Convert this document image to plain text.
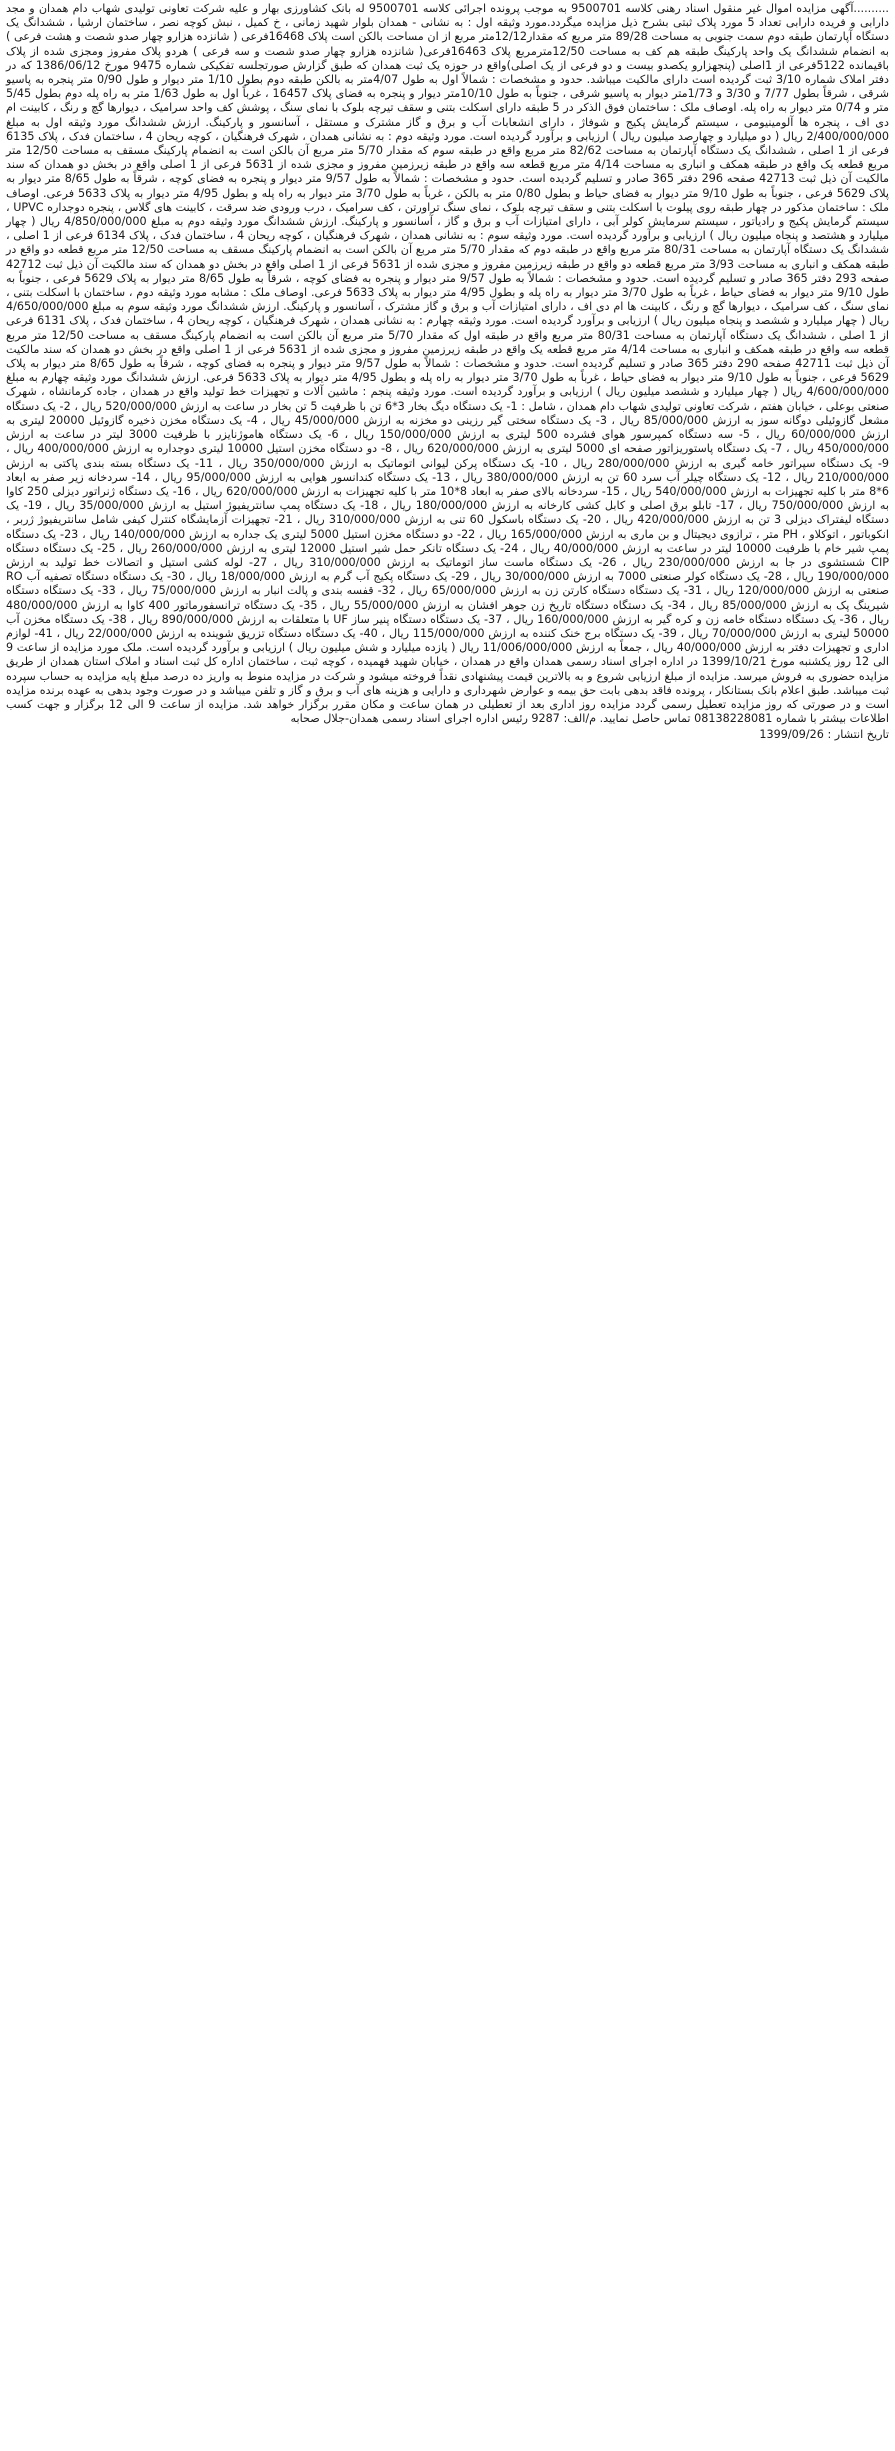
..........آگهی مزایده اموال غیر منقول اسناد رهنی کلاسه 9500701 به موجب پرونده اجرائی کلاسه 9500701 له بانک کشاورزی بهار و علیه شرکت تعاونی تولیدی شهاب دام همدان و مجد دارابی و فریده دارابی تعداد 5 مورد پلاک ثبتی بشرح ذیل مزایده میگردد.مورد وثیقه اول : به نشانی - همدان بلوار شهید زمانی ، خ کمیل ، نبش کوچه نصر ، ساختمان ارشیا ، ششدانگ یک دستگاه آپارتمان طبقه دوم سمت جنوبی به مساحت 89/28 متر مربع که مقدار12/12متر مربع از ان مساحت بالکن است پلاک 16468فرعی ( شانزده هزارو چهار صدو شصت و هشت فرعی ) به انضمام ششدانگ یک واحد پارکینگ طبقه هم کف به مساحت 12/50مترمربع پلاک 16463فرعی( شانزده هزارو چهار صدو شصت و سه فرعی ) هردو پلاک مفروز ومجزی شده از پلاک باقیمانده 5122فرعی از 1اصلی (پنجهزارو یکصدو بیست و دو فرعی از یک اصلی)واقع در حوزه یک ثبت همدان که طبق گزارش صورتجلسه تفکیکی شماره 9475 مورخ 1386/06/12 که در دفتر املاک شماره 3/10 ثبت گردیده است دارای مالکیت میباشد. حدود و مشخصات : شمالاً اول به طول 4/07متر به بالکن طبقه دوم بطول 1/10 متر دیوار و طول 0/90 متر پنجره به پاسیو شرقی ، شرقاً بطول 7/77 و 3/30 و 1/73متر دیوار به پاسیو شرقی ، جنوباً به طول 10/10متر دیوار و پنجره به فضای پلاک 16457 ، غرباً اول به طول 1/63 متر به راه پله دوم بطول 5/45 متر و 0/74 متر دیوار به راه پله. اوصاف ملک : ساختمان فوق الذکر در 5 طبقه دارای اسکلت بتنی و سقف تیرچه بلوک با نمای سنگ ، پوشش کف واحد سرامیک ، دیوارها گچ و رنگ ، کابینت ام دی اف ، پنجره ها آلومینیومی ، سیستم گرمایش پکیج و شوفاژ ، دارای انشعابات آب و برق و گاز مشترک و مستقل ، آسانسور و پارکینگ. ارزش ششدانگ مورد وثیقه اول به مبلغ 2/400/000/000 ریال ( دو میلیارد و چهارصد میلیون ریال ) ارزیابی و برآورد گردیده است. مورد وثیقه دوم : به نشانی همدان ، شهرک فرهنگیان ، کوچه ریحان 4 ، ساختمان فدک ، پلاک 6135 فرعی از 1 اصلی ، ششدانگ یک دستگاه آپارتمان به مساحت 82/62 متر مربع واقع در طبقه سوم که مقدار 5/70 متر مربع آن بالکن است به انضمام پارکینگ مسقف به مساحت 12/50 متر مربع قطعه یک واقع در طبقه همکف و انباری به مساحت 4/14 متر مربع قطعه سه واقع در طبقه زیرزمین مفروز و مجزی شده از 5631 فرعی از 1 اصلی واقع در بخش دو همدان که سند مالکیت آن ذیل ثبت 42713 صفحه 296 دفتر 365 صادر و تسلیم گردیده است. حدود و مشخصات : شمالاً به طول 9/57 متر دیوار و پنجره به فضای کوچه ، شرقاً به طول 8/65 متر دیوار به پلاک 5629 فرعی ، جنوباً به طول 9/10 متر دیوار به فضای حیاط و بطول 0/80 متر به بالکن ، غرباً به طول 3/70 متر دیوار به راه پله و بطول 4/95 متر دیوار به پلاک 5633 فرعی. اوصاف ملک : ساختمان مذکور در چهار طبقه روی پیلوت با اسکلت بتنی و سقف تیرچه بلوک ، نمای سنگ تراورتن ، کف سرامیک ، درب ورودی ضد سرقت ، کابینت های گلاس ، پنجره دوجداره UPVC ، سیستم گرمایش پکیج و رادیاتور ، سیستم سرمایش کولر آبی ، دارای امتیازات آب و برق و گاز ، آسانسور و پارکینگ. ارزش ششدانگ مورد وثیقه دوم به مبلغ 4/850/000/000 ریال ( چهار میلیارد و هشتصد و پنجاه میلیون ریال ) ارزیابی و برآورد گردیده است. مورد وثیقه سوم : به نشانی همدان ، شهرک فرهنگیان ، کوچه ریحان 4 ، ساختمان فدک ، پلاک 6134 فرعی از 1 اصلی ، ششدانگ یک دستگاه آپارتمان به مساحت 80/31 متر مربع واقع در طبقه دوم که مقدار 5/70 متر مربع آن بالکن است به انضمام پارکینگ مسقف به مساحت 12/50 متر مربع قطعه دو واقع در طبقه همکف و انباری به مساحت 3/93 متر مربع قطعه دو واقع در طبقه زیرزمین مفروز و مجزی شده از 5631 فرعی از 1 اصلی واقع در بخش دو همدان که سند مالکیت آن ذیل ثبت 42712 صفحه 293 دفتر 365 صادر و تسلیم گردیده است. حدود و مشخصات : شمالاً به طول 9/57 متر دیوار و پنجره به فضای کوچه ، شرقاً به طول 8/65 متر دیوار به پلاک 5629 فرعی ، جنوباً به طول 9/10 متر دیوار به فضای حیاط ، غرباً به طول 3/70 متر دیوار به راه پله و بطول 4/95 متر دیوار به پلاک 5633 فرعی. اوصاف ملک : مشابه مورد وثیقه دوم ، ساختمان با اسکلت بتنی ، نمای سنگ ، کف سرامیک ، دیوارها گچ و رنگ ، کابینت ها ام دی اف ، دارای امتیازات آب و برق و گاز مشترک ، آسانسور و پارکینگ. ارزش ششدانگ مورد وثیقه سوم به مبلغ 4/650/000/000 ریال ( چهار میلیارد و ششصد و پنجاه میلیون ریال ) ارزیابی و برآورد گردیده است. مورد وثیقه چهارم : به نشانی همدان ، شهرک فرهنگیان ، کوچه ریحان 4 ، ساختمان فدک ، پلاک 6131 فرعی از 1 اصلی ، ششدانگ یک دستگاه آپارتمان به مساحت 80/31 متر مربع واقع در طبقه اول که مقدار 5/70 متر مربع آن بالکن است به انضمام پارکینگ مسقف به مساحت 12/50 متر مربع قطعه سه واقع در طبقه همکف و انباری به مساحت 4/14 متر مربع قطعه یک واقع در طبقه زیرزمین مفروز و مجزی شده از 5631 فرعی از 1 اصلی واقع در بخش دو همدان که سند مالکیت آن ذیل ثبت 42711 صفحه 290 دفتر 365 صادر و تسلیم گردیده است. حدود و مشخصات : شمالاً به طول 9/57 متر دیوار و پنجره به فضای کوچه ، شرقاً به طول 8/65 متر دیوار به پلاک 5629 فرعی ، جنوباً به طول 9/10 متر دیوار به فضای حیاط ، غرباً به طول 3/70 متر دیوار به راه پله و بطول 4/95 متر دیوار به پلاک 5633 فرعی. ارزش ششدانگ مورد وثیقه چهارم به مبلغ 4/600/000/000 ریال ( چهار میلیارد و ششصد میلیون ریال ) ارزیابی و برآورد گردیده است. مورد وثیقه پنجم : ماشین آلات و تجهیزات خط تولید واقع در همدان ، جاده کرمانشاه ، شهرک صنعتی بوعلی ، خیابان هفتم ، شرکت تعاونی تولیدی شهاب دام همدان ، شامل : 1- یک دستگاه دیگ بخار 3*6 تن با ظرفیت 5 تن بخار در ساعت به ارزش 520/000/000 ریال ، 2- یک دستگاه مشعل گازوئیلی دوگانه سوز به ارزش 85/000/000 ریال ، 3- یک دستگاه سختی گیر رزینی دو مخزنه به ارزش 45/000/000 ریال ، 4- یک دستگاه مخزن ذخیره گازوئیل 20000 لیتری به ارزش 60/000/000 ریال ، 5- سه دستگاه کمپرسور هوای فشرده 500 لیتری به ارزش 150/000/000 ریال ، 6- یک دستگاه هاموژنایزر با ظرفیت 3000 لیتر در ساعت به ارزش 450/000/000 ریال ، 7- یک دستگاه پاستوریزاتور صفحه ای 5000 لیتری به ارزش 620/000/000 ریال ، 8- دو دستگاه مخزن استیل 10000 لیتری دوجداره به ارزش 400/000/000 ریال ، 9- یک دستگاه سپراتور خامه گیری به ارزش 280/000/000 ریال ، 10- یک دستگاه پرکن لیوانی اتوماتیک به ارزش 350/000/000 ریال ، 11- یک دستگاه بسته بندی پاکتی به ارزش 210/000/000 ریال ، 12- یک دستگاه چیلر آب سرد 60 تن به ارزش 380/000/000 ریال ، 13- یک دستگاه کندانسور هوایی به ارزش 95/000/000 ریال ، 14- سردخانه زیر صفر به ابعاد 6*8 متر با کلیه تجهیزات به ارزش 540/000/000 ریال ، 15- سردخانه بالای صفر به ابعاد 8*10 متر با کلیه تجهیزات به ارزش 620/000/000 ریال ، 16- یک دستگاه ژنراتور دیزلی 250 کاوا به ارزش 750/000/000 ریال ، 17- تابلو برق اصلی و کابل کشی کارخانه به ارزش 180/000/000 ریال ، 18- یک دستگاه پمپ سانتریفیوژ استیل به ارزش 35/000/000 ریال ، 19- یک دستگاه لیفتراک دیزلی 3 تن به ارزش 420/000/000 ریال ، 20- یک دستگاه باسکول 60 تنی به ارزش 310/000/000 ریال ، 21- تجهیزات آزمایشگاه کنترل کیفی شامل سانتریفیوژ ژربر ، انکوباتور ، اتوکلاو ، PH متر ، ترازوی دیجیتال و بن ماری به ارزش 165/000/000 ریال ، 22- دو دستگاه مخزن استیل 5000 لیتری یک جداره به ارزش 140/000/000 ریال ، 23- یک دستگاه پمپ شیر خام با ظرفیت 10000 لیتر در ساعت به ارزش 40/000/000 ریال ، 24- یک دستگاه تانکر حمل شیر استیل 12000 لیتری به ارزش 260/000/000 ریال ، 25- یک دستگاه دستگاه CIP شستشوی در جا به ارزش 230/000/000 ریال ، 26- یک دستگاه ماست ساز اتوماتیک به ارزش 310/000/000 ریال ، 27- لوله کشی استیل و اتصالات خط تولید به ارزش 190/000/000 ریال ، 28- یک دستگاه کولر صنعتی 7000 به ارزش 30/000/000 ریال ، 29- یک دستگاه پکیج آب گرم به ارزش 18/000/000 ریال ، 30- یک دستگاه دستگاه تصفیه آب RO صنعتی به ارزش 120/000/000 ریال ، 31- یک دستگاه دستگاه کارتن زن به ارزش 65/000/000 ریال ، 32- قفسه بندی و پالت انبار به ارزش 75/000/000 ریال ، 33- یک دستگاه دستگاه شیرینگ پک به ارزش 85/000/000 ریال ، 34- یک دستگاه دستگاه تاریخ زن جوهر افشان به ارزش 55/000/000 ریال ، 35- یک دستگاه ترانسفورماتور 400 کاوا به ارزش 480/000/000 ریال ، 36- یک دستگاه دستگاه خامه زن و کره گیر به ارزش 160/000/000 ریال ، 37- یک دستگاه دستگاه پنیر ساز UF با متعلقات به ارزش 890/000/000 ریال ، 38- یک دستگاه مخزن آب 50000 لیتری به ارزش 70/000/000 ریال ، 39- یک دستگاه برج خنک کننده به ارزش 115/000/000 ریال ، 40- یک دستگاه دستگاه تزریق شوینده به ارزش 22/000/000 ریال ، 41- لوازم اداری و تجهیزات دفتر به ارزش 40/000/000 ریال ، جمعاً به ارزش 11/006/000/000 ریال ( یازده میلیارد و شش میلیون ریال ) ارزیابی و برآورد گردیده است. ملک مورد مزایده از ساعت 9 الی 12 روز یکشنبه مورخ 1399/10/21 در اداره اجرای اسناد رسمی همدان واقع در همدان ، خیابان شهید فهمیده ، کوچه ثبت ، ساختمان اداره کل ثبت اسناد و املاک استان همدان از طریق مزایده حضوری به فروش میرسد. مزایده از مبلغ ارزیابی شروع و به بالاترین قیمت پیشنهادی نقداً فروخته میشود و شرکت در مزایده منوط به واریز ده درصد مبلغ پایه مزایده به حساب سپرده ثبت میباشد. طبق اعلام بانک بستانکار ، پرونده فاقد بدهی بابت حق بیمه و عوارض شهرداری و دارایی و هزینه های آب و برق و گاز و تلفن میباشد و در صورت وجود بدهی به عهده برنده مزایده است و در صورتی که روز مزایده تعطیل رسمی گردد مزایده روز اداری بعد از تعطیلی در همان ساعت و مکان مقرر برگزار خواهد شد. مزایده از ساعت 9 الی 12 برگزار و جهت کسب اطلاعات بیشتر با شماره 08138228081 تماس حاصل نمایید. م/الف: 9287 رئیس اداره اجرای اسناد رسمی همدان-جلال صحابه

تاریخ انتشار : 1399/09/26
